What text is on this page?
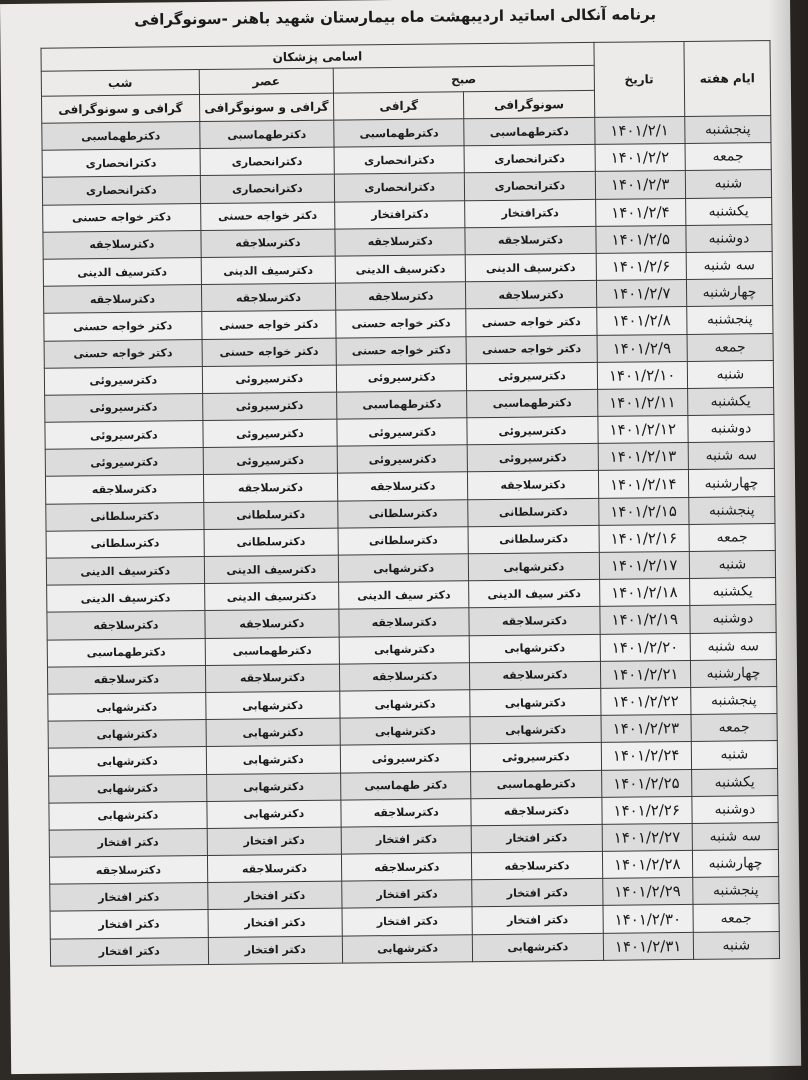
برنامه آنکالی اساتید اردیبهشت ماه بیمارستان شهید باهنر -سونوگرافی
ایام هفته	تاریخ	اسامی پزشکان			
		صبح		عصر	شب
		سونوگرافی	گرافی	گرافی و سونوگرافی	گرافی و سونوگرافی
پنجشنبه	۱۴۰۱/۲/۱	دکترطهماسبی	دکترطهماسبی	دکترطهماسبی	دکترطهماسبی
جمعه	۱۴۰۱/۲/۲	دکترانحصاری	دکترانحصاری	دکترانحصاری	دکترانحصاری
شنبه	۱۴۰۱/۲/۳	دکترانحصاری	دکترانحصاری	دکترانحصاری	دکترانحصاری
یکشنبه	۱۴۰۱/۲/۴	دکترافتخار	دکترافتخار	دکتر خواجه حسنی	دکتر خواجه حسنی
دوشنبه	۱۴۰۱/۲/۵	دکترسلاجقه	دکترسلاجقه	دکترسلاجقه	دکترسلاجقه
سه شنبه	۱۴۰۱/۲/۶	دکترسیف الدینی	دکترسیف الدینی	دکترسیف الدینی	دکترسیف الدینی
چهارشنبه	۱۴۰۱/۲/۷	دکترسلاجقه	دکترسلاجقه	دکترسلاجقه	دکترسلاجقه
پنجشنبه	۱۴۰۱/۲/۸	دکتر خواجه حسنی	دکتر خواجه حسنی	دکتر خواجه حسنی	دکتر خواجه حسنی
جمعه	۱۴۰۱/۲/۹	دکتر خواجه حسنی	دکتر خواجه حسنی	دکتر خواجه حسنی	دکتر خواجه حسنی
شنبه	۱۴۰۱/۲/۱۰	دکترسیروئی	دکترسیروئی	دکترسیروئی	دکترسیروئی
یکشنبه	۱۴۰۱/۲/۱۱	دکترطهماسبی	دکترطهماسبی	دکترسیروئی	دکترسیروئی
دوشنبه	۱۴۰۱/۲/۱۲	دکترسیروئی	دکترسیروئی	دکترسیروئی	دکترسیروئی
سه شنبه	۱۴۰۱/۲/۱۳	دکترسیروئی	دکترسیروئی	دکترسیروئی	دکترسیروئی
چهارشنبه	۱۴۰۱/۲/۱۴	دکترسلاجقه	دکترسلاجقه	دکترسلاجقه	دکترسلاجقه
پنجشنبه	۱۴۰۱/۲/۱۵	دکترسلطانی	دکترسلطانی	دکترسلطانی	دکترسلطانی
جمعه	۱۴۰۱/۲/۱۶	دکترسلطانی	دکترسلطانی	دکترسلطانی	دکترسلطانی
شنبه	۱۴۰۱/۲/۱۷	دکترشهابی	دکترشهابی	دکترسیف الدینی	دکترسیف الدینی
یکشنبه	۱۴۰۱/۲/۱۸	دکتر سیف الدینی	دکتر سیف الدینی	دکترسیف الدینی	دکترسیف الدینی
دوشنبه	۱۴۰۱/۲/۱۹	دکترسلاجقه	دکترسلاجقه	دکترسلاجقه	دکترسلاجقه
سه شنبه	۱۴۰۱/۲/۲۰	دکترشهابی	دکترشهابی	دکترطهماسبی	دکترطهماسبی
چهارشنبه	۱۴۰۱/۲/۲۱	دکترسلاجقه	دکترسلاجقه	دکترسلاجقه	دکترسلاجقه
پنجشنبه	۱۴۰۱/۲/۲۲	دکترشهابی	دکترشهابی	دکترشهابی	دکترشهابی
جمعه	۱۴۰۱/۲/۲۳	دکترشهابی	دکترشهابی	دکترشهابی	دکترشهابی
شنبه	۱۴۰۱/۲/۲۴	دکترسیروئی	دکترسیروئی	دکترشهابی	دکترشهابی
یکشنبه	۱۴۰۱/۲/۲۵	دکترطهماسبی	دکتر طهماسبی	دکترشهابی	دکترشهابی
دوشنبه	۱۴۰۱/۲/۲۶	دکترسلاجقه	دکترسلاجقه	دکترشهابی	دکترشهابی
سه شنبه	۱۴۰۱/۲/۲۷	دکتر افتخار	دکتر افتخار	دکتر افتخار	دکتر افتخار
چهارشنبه	۱۴۰۱/۲/۲۸	دکترسلاجقه	دکترسلاجقه	دکترسلاجقه	دکترسلاجقه
پنجشنبه	۱۴۰۱/۲/۲۹	دکتر افتخار	دکتر افتخار	دکتر افتخار	دکتر افتخار
جمعه	۱۴۰۱/۲/۳۰	دکتر افتخار	دکتر افتخار	دکتر افتخار	دکتر افتخار
شنبه	۱۴۰۱/۲/۳۱	دکترشهابی	دکترشهابی	دکتر افتخار	دکتر افتخار
